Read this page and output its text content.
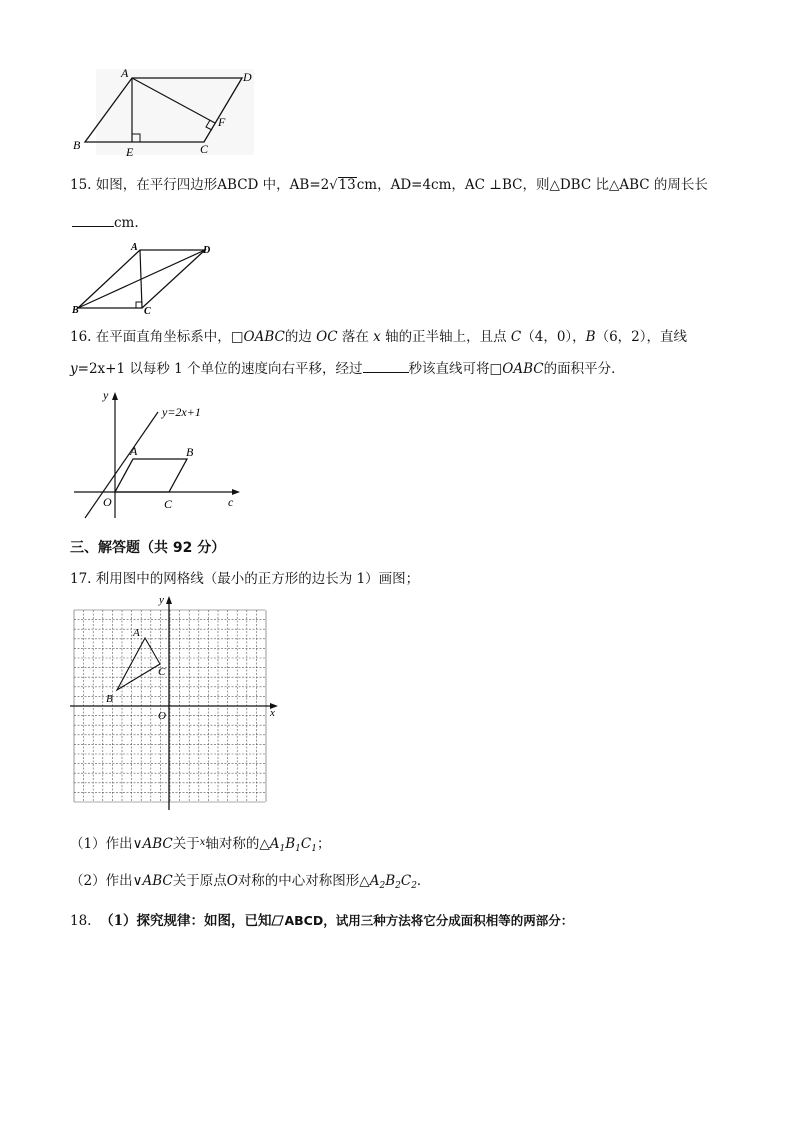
A	D
B	E	C
F
15. 如图，在平行四边形ABCD 中，AB=2√13cm，AD=4cm，AC ⊥BC，则△DBC 比△ABC 的周长长
cm.
A	D
B	C
16. 在平面直角坐标系中，□OABC的边 OC 落在 x 轴的正半轴上，且点 C（4，0），B（6，2），直线
y=2x+1 以每秒 1 个单位的速度向右平移，经过	秒该直线可将□OABC的面积平分．
y
y=2x+1
A	B
O	C	c
三、解答题（共 92 分）
17. 利用图中的网格线（最小的正方形的边长为 1）画图；
y
x
O
A
B
C
（1）作出∨ABC关于$^x$轴对称的$\triangle A_1B_1C_1$；
（2）作出∨ABC关于原点O对称的中心对称图形$\triangle A_2B_2C_2$．
18. （1）探究规律：如图，已知 ABCD，试用三种方法将它分成面积相等的两部分：
